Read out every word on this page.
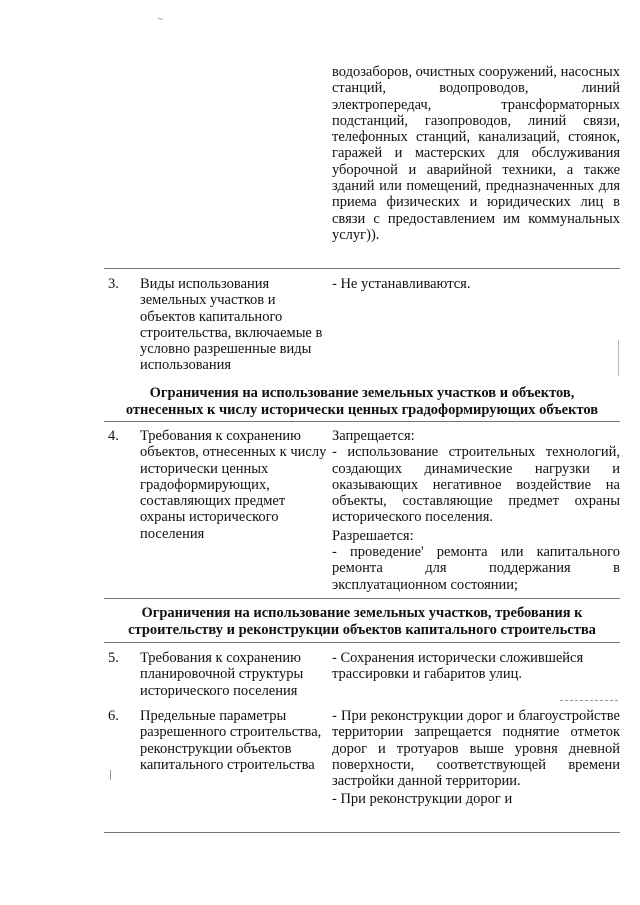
~

водозаборов, очистных сооружений, насосных станций, водопроводов, линий электропередач, трансформаторных подстанций, газопроводов, линий связи, телефонных станций, канализаций, стоянок, гаражей и мастерских для обслуживания уборочной и аварийной техники, а также зданий или помещений, предназначенных для приема физических и юридических лиц в связи с предоставлением им коммунальных услуг)).

3. Виды использования земельных участков и объектов капитального строительства, включаемые в условно разрешенные виды использования
- Не устанавливаются.
Ограничения на использование земельных участков и объектов,
отнесенных к числу исторически ценных градоформирующих объектов
4. Требования к сохранению объектов, отнесенных к числу исторически ценных градоформирующих, составляющих предмет охраны исторического поселения

Запрещается:

- использование строительных технологий, создающих динамические нагрузки и оказывающих негативное воздействие на объекты, составляющие предмет охраны исторического поселения.

Разрешается:

- проведение' ремонта или капитального ремонта для поддержания в эксплуатационном состоянии;

Ограничения на использование земельных участков, требования к
строительству и реконструкции объектов капитального строительства
5. Требования к сохранению планировочной структуры исторического поселения
- Сохранения исторически сложившейся трассировки и габаритов улиц.
6. Предельные параметры разрешенного строительства, реконструкции объектов капитального строительства

- При реконструкции дорог и благоустройстве территории запрещается поднятие отметок дорог и тротуаров выше уровня дневной поверхности, соответствующей времени застройки данной территории.

- При реконструкции дорог и
